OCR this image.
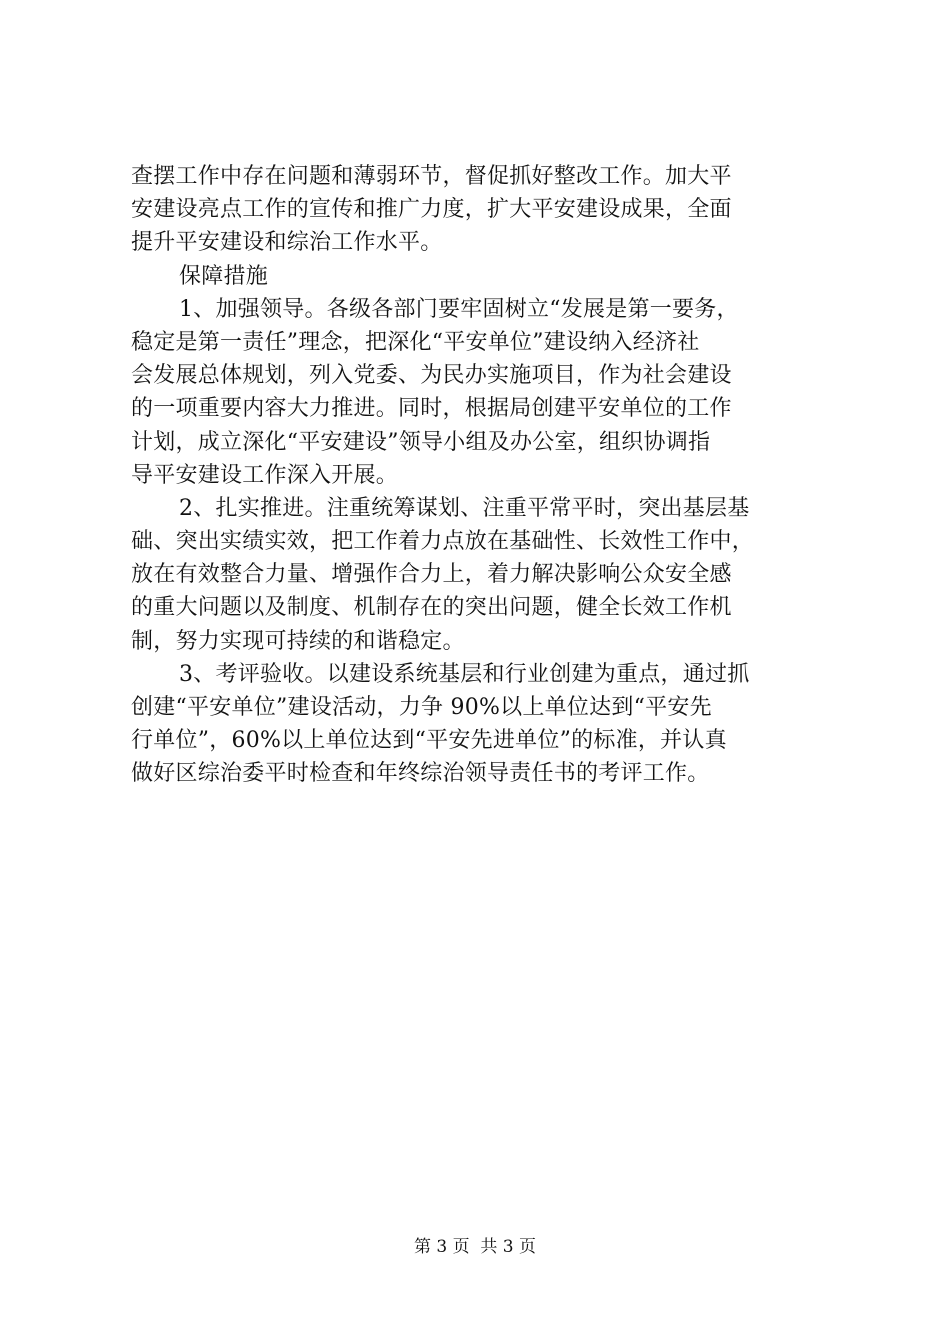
查摆工作中存在问题和薄弱环节，督促抓好整改工作。加大平
安建设亮点工作的宣传和推广力度，扩大平安建设成果，全面
提升平安建设和综治工作水平。
保障措施
1、加强领导。各级各部门要牢固树立“发展是第一要务，
稳定是第一责任”理念，把深化“平安单位”建设纳入经济社
会发展总体规划，列入党委、为民办实施项目，作为社会建设
的一项重要内容大力推进。同时，根据局创建平安单位的工作
计划，成立深化“平安建设”领导小组及办公室，组织协调指
导平安建设工作深入开展。
2、扎实推进。注重统筹谋划、注重平常平时，突出基层基
础、突出实绩实效，把工作着力点放在基础性、长效性工作中，
放在有效整合力量、增强作合力上，着力解决影响公众安全感
的重大问题以及制度、机制存在的突出问题，健全长效工作机
制，努力实现可持续的和谐稳定。
3、考评验收。以建设系统基层和行业创建为重点，通过抓
创建“平安单位”建设活动，力争 90%以上单位达到“平安先
行单位”，60%以上单位达到“平安先进单位”的标准，并认真
做好区综治委平时检查和年终综治领导责任书的考评工作。
第 3 页  共 3 页
